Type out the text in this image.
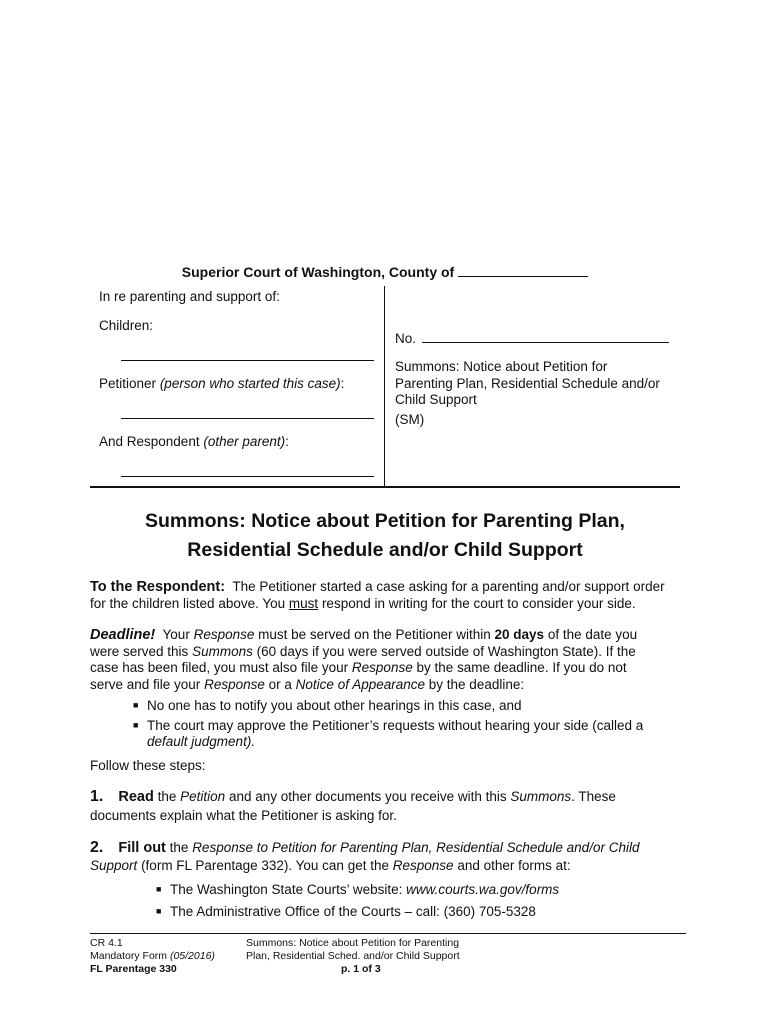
Superior Court of Washington, County of
In re parenting and support of:
Children:
Petitioner (person who started this case):
And Respondent (other parent):
No.
Summons: Notice about Petition for
Parenting Plan, Residential Schedule and/or
Child Support
(SM)
Summons: Notice about Petition for Parenting Plan,
Residential Schedule and/or Child Support
To the Respondent: The Petitioner started a case asking for a parenting and/or support order
for the children listed above. You must respond in writing for the court to consider your side.
Deadline! Your Response must be served on the Petitioner within 20 days of the date you
were served this Summons (60 days if you were served outside of Washington State). If the
case has been filed, you must also file your Response by the same deadline. If you do not
serve and file your Response or a Notice of Appearance by the deadline:
■ No one has to notify you about other hearings in this case, and
■ The court may approve the Petitioner’s requests without hearing your side (called a
default judgment).
Follow these steps:
1. Read the Petition and any other documents you receive with this Summons. These
documents explain what the Petitioner is asking for.
2. Fill out the Response to Petition for Parenting Plan, Residential Schedule and/or Child
Support (form FL Parentage 332). You can get the Response and other forms at:
■ The Washington State Courts’ website: www.courts.wa.gov/forms
■ The Administrative Office of the Courts – call: (360) 705-5328
CR 4.1
Mandatory Form (05/2016)
FL Parentage 330
Summons: Notice about Petition for Parenting
Plan, Residential Sched. and/or Child Support
p. 1 of 3
